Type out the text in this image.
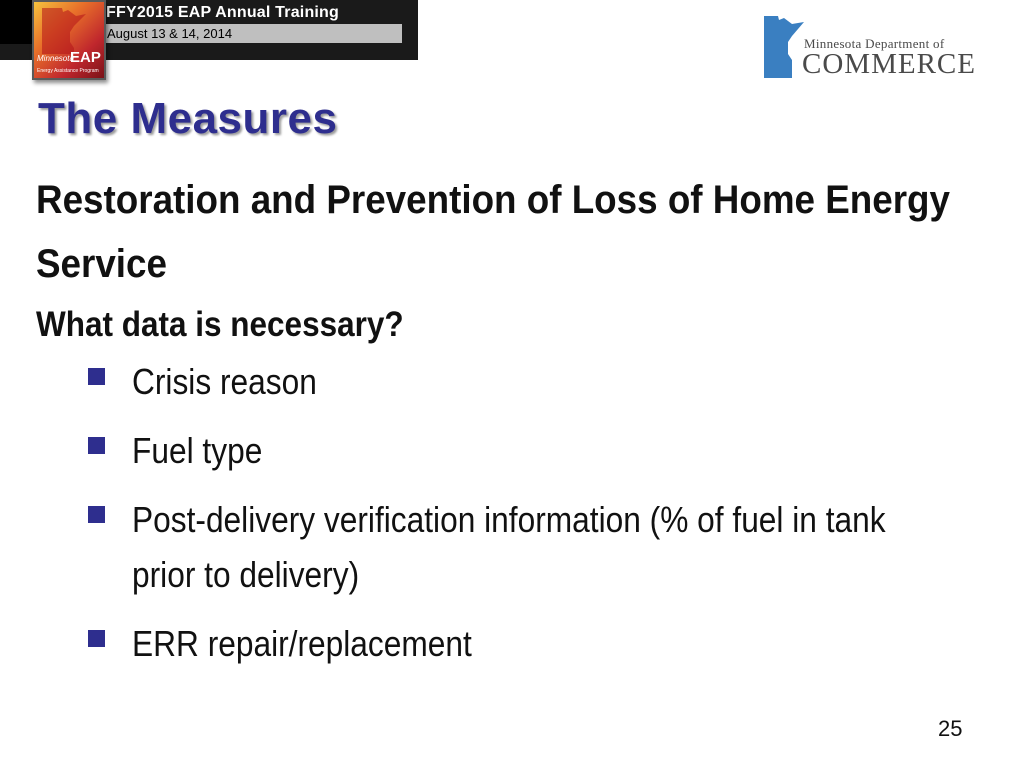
FFY2015 EAP Annual Training
August 13 & 14, 2014
Minnesota
EAP
Energy Assistance Program
Minnesota Department of
COMMERCE
The Measures
Restoration and Prevention of Loss of Home Energy Service
What data is necessary?
Crisis reason
Fuel type
Post-delivery verification information (% of fuel in tank prior to delivery)
ERR repair/replacement
25
